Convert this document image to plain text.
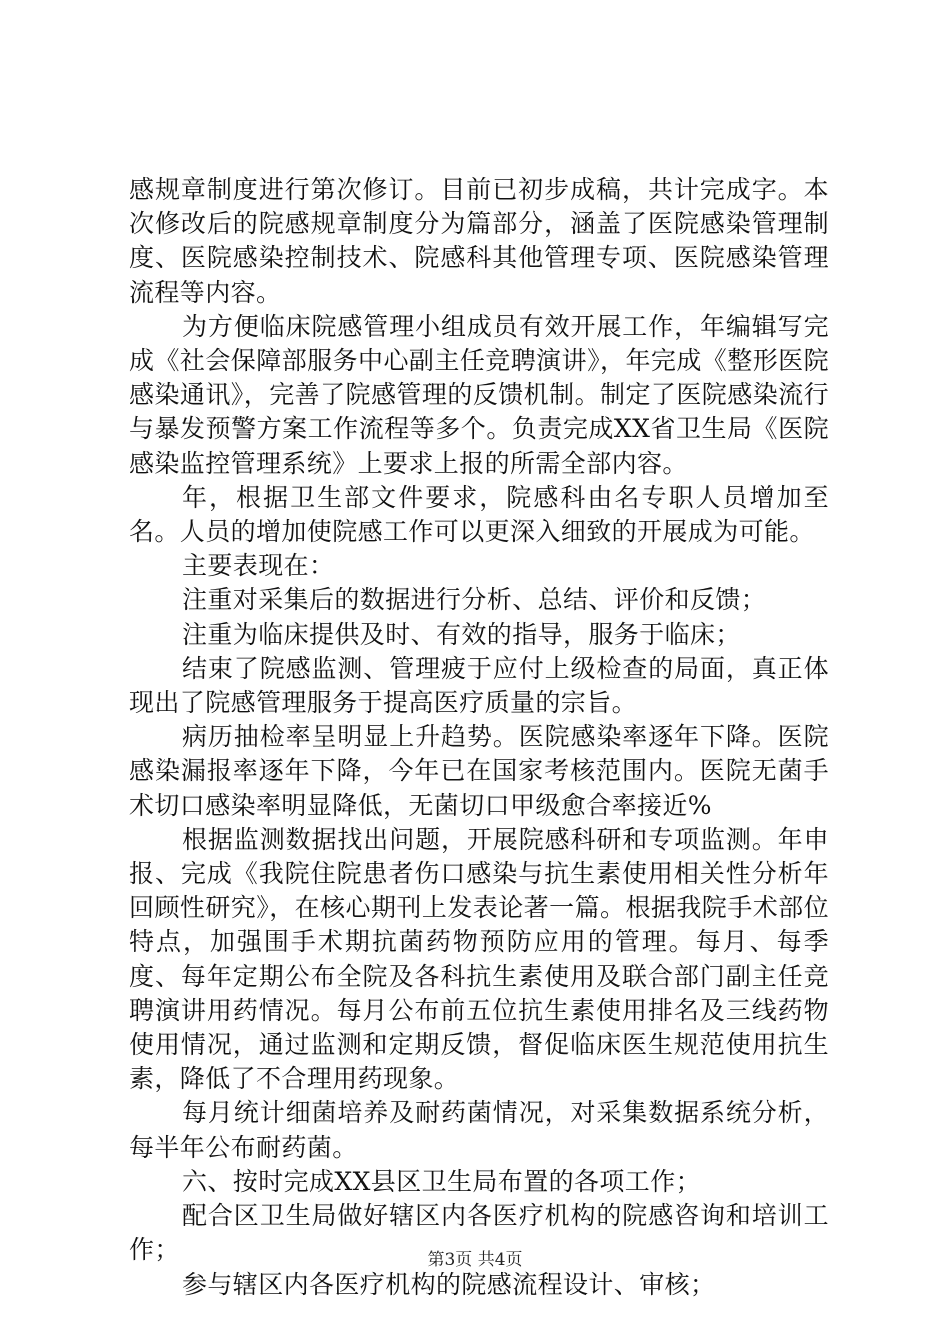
感规章制度进行第次修订。目前已初步成稿，共计完成字。本次修改后的院感规章制度分为篇部分，涵盖了医院感染管理制度、医院感染控制技术、院感科其他管理专项、医院感染管理流程等内容。

为方便临床院感管理小组成员有效开展工作，年编辑写完成《社会保障部服务中心副主任竞聘演讲》，年完成《整形医院感染通讯》，完善了院感管理的反馈机制。制定了医院感染流行与暴发预警方案工作流程等多个。负责完成XX省卫生局《医院感染监控管理系统》上要求上报的所需全部内容。

年，根据卫生部文件要求，院感科由名专职人员增加至名。人员的增加使院感工作可以更深入细致的开展成为可能。

主要表现在：

注重对采集后的数据进行分析、总结、评价和反馈；

注重为临床提供及时、有效的指导，服务于临床；

结束了院感监测、管理疲于应付上级检查的局面，真正体现出了院感管理服务于提高医疗质量的宗旨。

病历抽检率呈明显上升趋势。医院感染率逐年下降。医院感染漏报率逐年下降，今年已在国家考核范围内。医院无菌手术切口感染率明显降低，无菌切口甲级愈合率接近%

根据监测数据找出问题，开展院感科研和专项监测。年申报、完成《我院住院患者伤口感染与抗生素使用相关性分析年回顾性研究》，在核心期刊上发表论著一篇。根据我院手术部位特点，加强围手术期抗菌药物预防应用的管理。每月、每季度、每年定期公布全院及各科抗生素使用及联合部门副主任竞聘演讲用药情况。每月公布前五位抗生素使用排名及三线药物使用情况，通过监测和定期反馈，督促临床医生规范使用抗生素，降低了不合理用药现象。

每月统计细菌培养及耐药菌情况，对采集数据系统分析，每半年公布耐药菌。

六、按时完成XX县区卫生局布置的各项工作；

配合区卫生局做好辖区内各医疗机构的院感咨询和培训工作；

参与辖区内各医疗机构的院感流程设计、审核；

第3页 共4页
